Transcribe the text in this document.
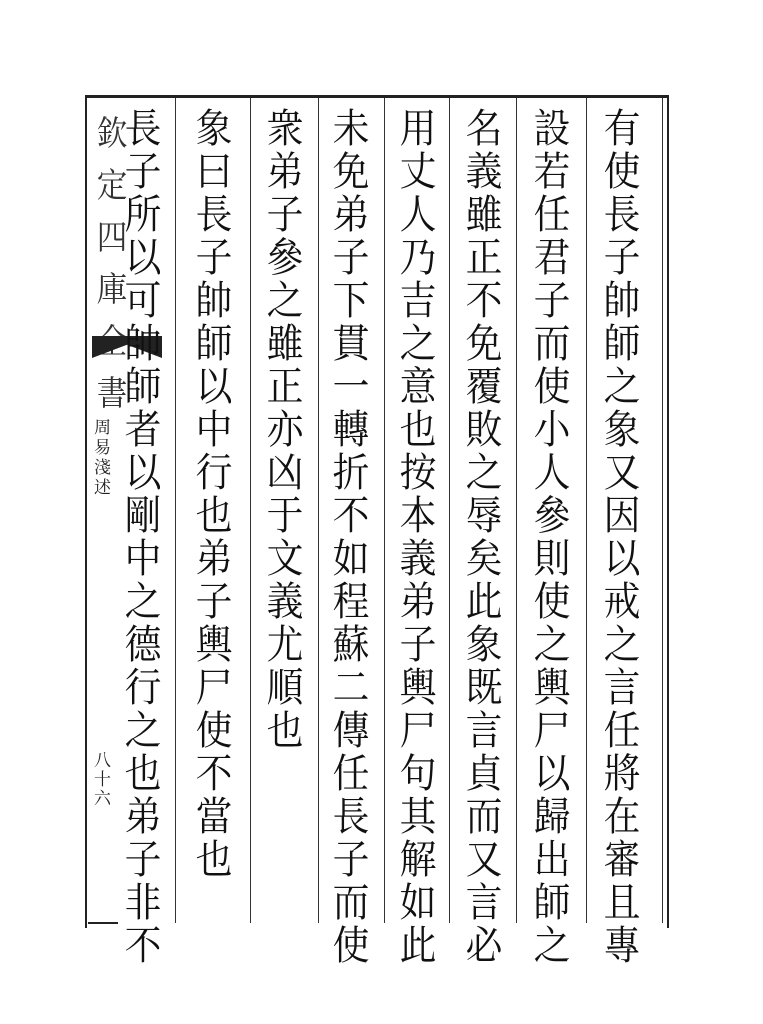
欽
定
四
庫
書
周
易
淺
述
八
十
六
有
使
長
子
帥
師
之
象
又
因
以
戒
之
言
任
將
在
審
且
專
設
若
任
君
子
而
使
小
人
參
則
使
之
輿
尸
以
歸
出
師
之
名
義
雖
正
不
免
覆
敗
之
辱
矣
此
象
既
言
貞
而
又
言
必
用
丈
人
乃
吉
之
意
也
按
本
義
弟
子
輿
尸
句
其
解
如
此
未
免
弟
子
下
貫
一
轉
折
不
如
程
蘇
二
傳
任
長
子
而
使
衆
弟
子
參
之
雖
正
亦
凶
于
文
義
尤
順
也
象
曰
長
子
帥
師
以
中
行
也
弟
子
輿
尸
使
不
當
也
長
子
所
以
可
帥
師
者
以
剛
中
之
德
行
之
也
弟
子
非
不
